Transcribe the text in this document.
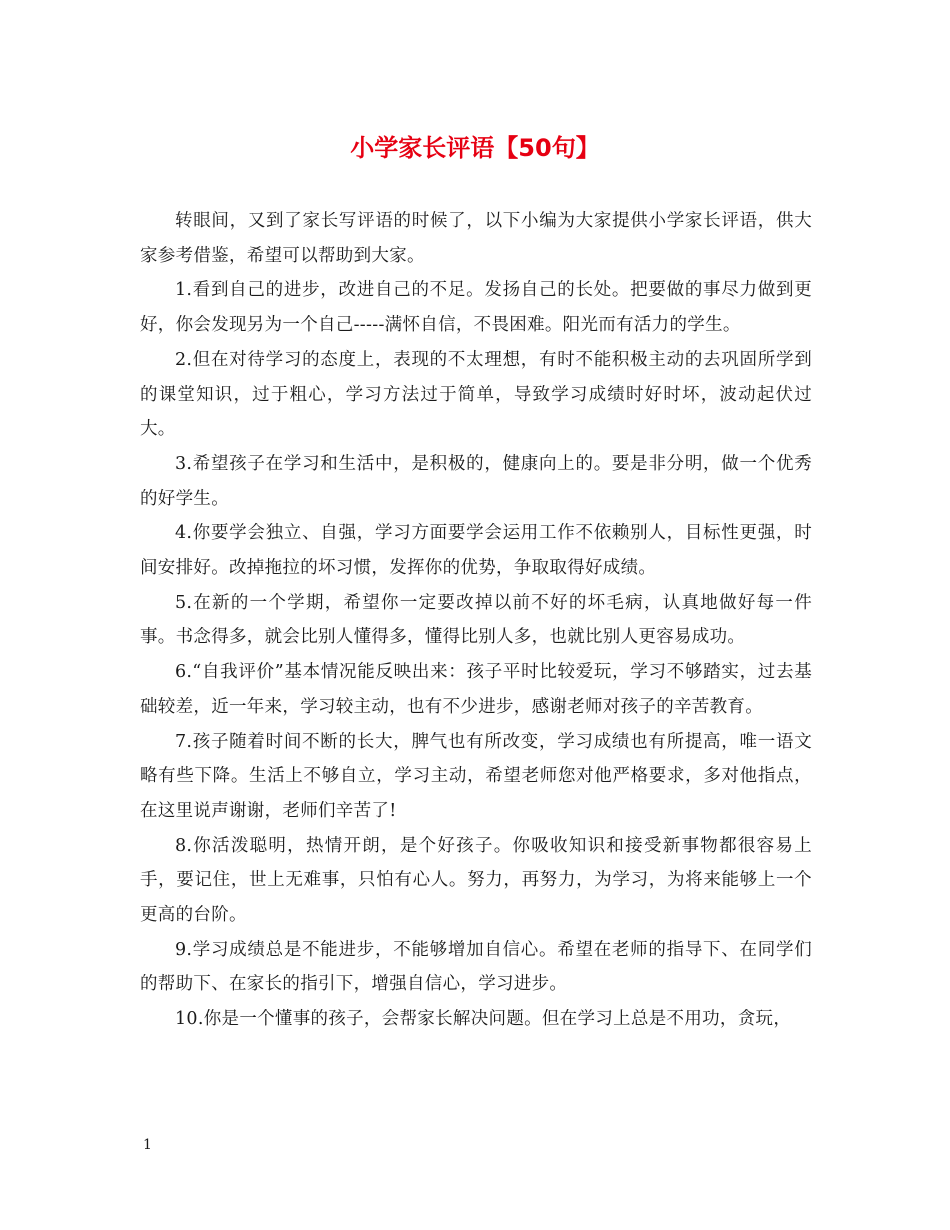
小学家长评语【50句】

转眼间，又到了家长写评语的时候了，以下小编为大家提供小学家长评语，供大家参考借鉴，希望可以帮助到大家。

1.看到自己的进步，改进自己的不足。发扬自己的长处。把要做的事尽力做到更好，你会发现另为一个自己-----满怀自信，不畏困难。阳光而有活力的学生。

2.但在对待学习的态度上，表现的不太理想，有时不能积极主动的去巩固所学到的课堂知识，过于粗心，学习方法过于简单，导致学习成绩时好时坏，波动起伏过大。

3.希望孩子在学习和生活中，是积极的，健康向上的。要是非分明，做一个优秀的好学生。

4.你要学会独立、自强，学习方面要学会运用工作不依赖别人，目标性更强，时间安排好。改掉拖拉的坏习惯，发挥你的优势，争取取得好成绩。

5.在新的一个学期，希望你一定要改掉以前不好的坏毛病，认真地做好每一件事。书念得多，就会比别人懂得多，懂得比别人多，也就比别人更容易成功。

6.“自我评价”基本情况能反映出来：孩子平时比较爱玩，学习不够踏实，过去基础较差，近一年来，学习较主动，也有不少进步，感谢老师对孩子的辛苦教育。

7.孩子随着时间不断的长大，脾气也有所改变，学习成绩也有所提高，唯一语文略有些下降。生活上不够自立，学习主动，希望老师您对他严格要求，多对他指点，在这里说声谢谢，老师们辛苦了!

8.你活泼聪明，热情开朗，是个好孩子。你吸收知识和接受新事物都很容易上手，要记住，世上无难事，只怕有心人。努力，再努力，为学习，为将来能够上一个更高的台阶。

9.学习成绩总是不能进步，不能够增加自信心。希望在老师的指导下、在同学们的帮助下、在家长的指引下，增强自信心，学习进步。

10.你是一个懂事的孩子，会帮家长解决问题。但在学习上总是不用功，贪玩，

1
